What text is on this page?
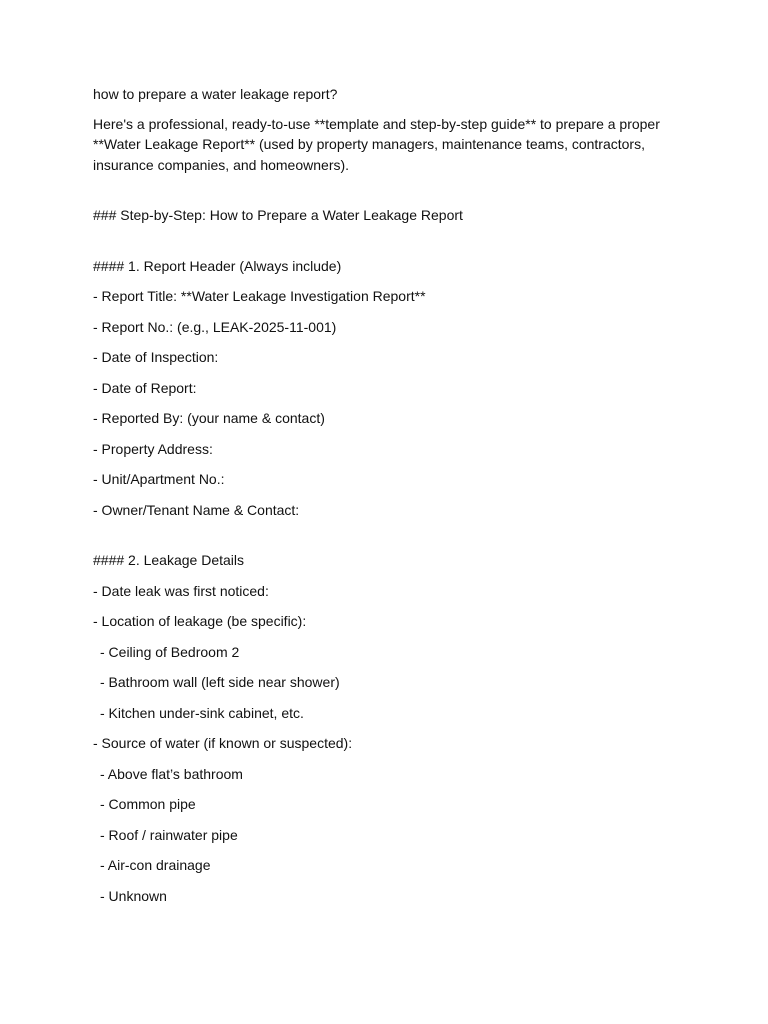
how to prepare a water leakage report?

Here's a professional, ready-to-use **template and step-by-step guide** to prepare a proper **Water Leakage Report** (used by property managers, maintenance teams, contractors, insurance companies, and homeowners).

### Step-by-Step: How to Prepare a Water Leakage Report

#### 1. Report Header (Always include)

- Report Title: **Water Leakage Investigation Report**

- Report No.: (e.g., LEAK-2025-11-001)

- Date of Inspection:

- Date of Report:

- Reported By: (your name & contact)

- Property Address:

- Unit/Apartment No.:

- Owner/Tenant Name & Contact:

#### 2. Leakage Details

- Date leak was first noticed:

- Location of leakage (be specific):

- Ceiling of Bedroom 2

- Bathroom wall (left side near shower)

- Kitchen under-sink cabinet, etc.

- Source of water (if known or suspected):

- Above flat’s bathroom

- Common pipe

- Roof / rainwater pipe

- Air-con drainage

- Unknown
